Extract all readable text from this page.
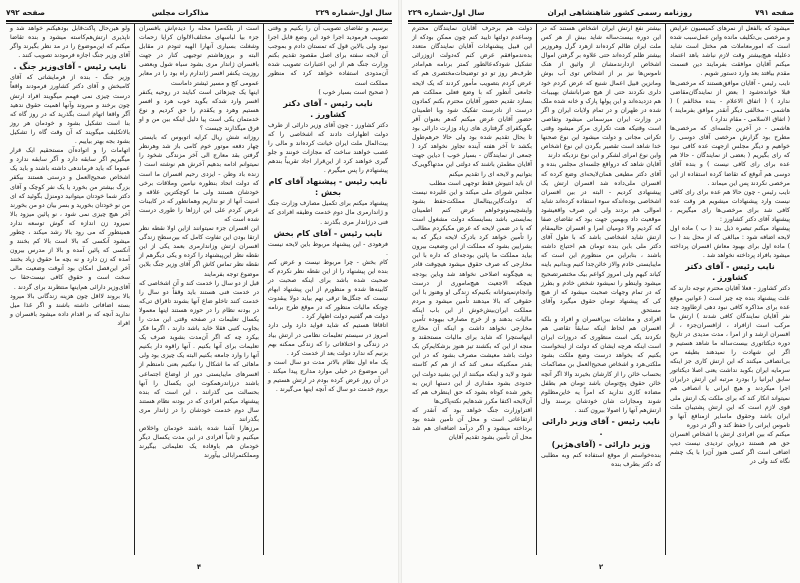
سال اول-شماره ۲۲۹
مذاکرات مجلس
صفحه ۷۹۲

برسیم و تقاضای تصویب آن را بکنیم و وقتی تصویب فرمودید اجرا خود این وضع قابل اجرا نبود ولی بالاین قول که تمستان دادم و بموجب آن لایحه سفته برای اصل مقصود تقدیم بکنم وزارت جنگ هم از این اعتبارات تصویب شده آن‌مدودی استفاده خواهد کرد که منظور مملکت است

( صحیح است بسیار خوب )

نایب رئیس - آقای دکتر کشاورز .

دکتر کشاورز - چون آقای وزیر دارائی از طرف دولت اظهارات دادند که اشخاصی را که بیت‌المال ملت ایران خیانت کرده‌اند و مالی را غصب خواهند ساخت که مجازات خونند و جلو گیری خواهند کرد از این‌قرار اجاد تقریباً بندهم پیشنهادم را پس میگیرم .

نایب رئیس - پیشنهاد آقای کام بخش :

پیشنهاد میکنم برای تکمیل مصارف وزارت جنگ و ژاندارمری مال دوم خدمت وظیفه افرادی که فنی درژاندار مری بگذرند .

نایب رئیس - آقای کام بخش

فرهودی - این پیشنهاد مربوط باین لایحه نیست .

کام بخش - چرا مربوط نیست و عرض کنم بنده این پیشنهاد را از این نقطه نظر نکردم که صحبت شده باشد برای اینکه صحبت در کابینه‌ها شده و منظورم از این پیشنهاد ابهام نیست که جنگل‌ها ترقی نهم بیاید دولا یبقدوت چونکه مالیات منظور که در موقع طرح برنامه دولت هم گفتیم دولت اظهار کرد .

اتاقاقا هستیم که شاید فواید دارد ولی دارد امروز در سیستم تعلیمات نظامی در ارتش بیاد در زندگی و اختلافاتی را که زندگی ممکنه بهم بزنیم که ندارد دولت بعد از خدمت کرد .

یک ماه اول نظام بالاتر مدت دو سال است و این موضوع در خیلی موارد مدارج پیدا میکند . در آن روز عرض کرده بودم در ارتش هستیم و بروم خدمت دو سال که آنچه اینها می‌گیرند .

است از بلکه‌مرا محله را دیدم‌اش بافسران جزء بیا لباسهای مختلف‌الالوان کرایا زحمات وشغلت بسیاری آنها‌را الهیه ثنودم در مقابل البته و بروزهاشتم توجیهی کنار در جهت بافسران ژاندار مری بشود سیاه شول وبعضی روزیت یکنفر افسر ژاندارم راه بود را در معابر عمومی کج و مسیر ئیشتر داماست

اینها یک چیزهائی است کبایند در روحیه یکنفر افسر وارد شدکه بگوید خوب هرد و افسر هستیم وهرد و یکقدم را حق کردیم و نوع خدمتمان یکی است پیا دلیل اینکه بین من و او فرق میگذارند چیست ؟

روزانه شش ریال کرایه اتوبوس که بایستی چهار دفعه موتور خوم کامی باز شد وهرنظر گرفتن بقد معارج الی آخر مزندگی شخود را نمیتوانم ادامه بدهیم آخرش هم نوشته است ( زنده باد وطن - ایزدی رحیم افسران ما است که دولت اتحاد بنظوره نیامین وملاقات برخی خودشان هستند ولی ما کوچکترین علاقه و امنیت آنها از تو نداریم وهمانطور که در کابینات عرض کردم علی این ارزاها را طوری درست شده است که

این افسران جزء نمیتوانند ازاین اولا نقطه نظر ارتقا بودن این تفاوت کامل که بین‌سطح زندگی افسران ارتش وزاندارمری بعمد یکی از این نقطه نظر این‌پیشنهاد را کرده و یکی دیگرهم از نقطه نظر تماس کاش اگر آقای وزیر جنگ بلاین موضوع توجه بفرمایند

قبل از دو سال را خدمت کند و آن اشخاصی که در خدمت فنی هستند باید وقفاً دو سال را خدمت کنند تاخلو ضاع آنها بشوند تاقراق تی‌که در بودنه نظام را در حوزه هستند اینها معمولا یکسال تعلیمات در صفحه وقتی این مدت را بجاوب کتبی فقلا خاید باشد دارند ، اگرما فکر بیکرد چه که اگر آن‌مدت بشوید صرف یک تعلیمات برای آنها بکنیم . آنها راقوه دار بکنیم آنها را وارد جامعه بکنیم البته یک چیزی بود ولی ماهائی که ما اشکال را نبکنیم بعنی نامنظم از افسرهای مایبایستی دور از اوضاع اجتماعی باشند درزاندرهمکوت این یکسال را آنها بحسالت می گذرانند ، این است که بنده پیشنهاد میکنم افرادی که در بودنه نظام هستند سال دوم خدمت خودشان را در ژاندار مری بگذرانند

مرزهارا آشنا شده باشند خودمان واخلاص میکنیم و ثانیاً افرادی در این مدت یکسال دیگر خودمان هم باوفاده یک تعلیماتی بیگیرند ومملکتمرابالی بیآورند

ولو هین‌حال پاکت‌قابل بودهیکنم خواهد شد و ناپذیری ارتش‌هم‌کاسته میشود و بنده تقاضا میکنم که این‌موضوع را در مد نظر بگیرند واگر آقای وزیر جنگ اجازه فرمودند تصویب کنند .

نایب رئیس - آقای‌وزیر جنگ .

وزیر جنگ - بنده از فرمایشاتی که آقای کامبخش و آقای دکتر کشاورز فرمودند واقعاً درست چیزی نمی فهمم میگویند افراد ارتش چون برخند و میروند وآنها اهمیت حقوق ندهید آگر واقعا اتهام است بگذرید که در روز گاه که بنا است تشکیل بشود و خودمان هر روز بالاتکلیف میگویند که آن وقت گاه را تشکیل بشود بجه بهتر بیاییم .

اتهامات را و اتواده‌آن مستحقیم ایک قرار میگیریم اگر سابقه دارد و آگر سابقه ندارد و عموما که باید فرماندهی داشته باشند و باید یک اشخاص صحیح‌العمل و درستی هستند بیکفر بزرگ بیشتر من بخورد یا یک نفر کوچک و آقای دکتر شما خودتان میتوانید دومنزل بگوئید که ای من نو خودتان بخورید و بسر بیان دو من بخورند آخر هیچ چیزی نمی شود ، نو پائین میزود بالا نمیرود زن اندازه‌‌ که گوش توسعه ندارد همینطور که می رود بالا رشد میکند ، چطور میشود آنکسی که بالا است بالا کم بخنند و آنکسی که پائین آمده و بالا از مدرس بیرون آمده که زن دارد و نه بچه ما حقوق زیاد بخنند آخر این‌فصل امکان بود آنوقت وضعیت مالی سخت است و حقوق کافی نیست‌حقا ب آقای‌وزیر دارائی هم‌اینها منتظرند برای گردند .

بالا بروند لااقل چون هزینه زندگانی بالا میرود بسته اضافاتی داشته باشند و اگر غذا میل ندارید آنچه که بر اقدام داده میشود بافسران و افراد

۴
صفحه ۷۹۱
روزنامه رسمی کشور شاهنشاهی ایران
سال اول-شماره ۲۲۹

میشود که بالفعل از نمرهای کمیسیون عرایض و مرخصی بی‌تکلیف مانده واین عمل‌سبب شده است که امورمعاملات هم مختل است شاید دعلیله هیچ‌بیشتر وقت لازم نباشد باهد اعتماد میکنم آقایان موافقت بفرمایند دین قسمت مقدم بیافتد بعد وارد دستور شویم .

نایب رئیس - آقایان موافق‌هستند که مرخصی‌ها قبلا خوانده‌شود ( بعض از نمایندگان‌مقاضی ندارد ) ( اتفاق الاعلام - بنده مخالفم ) ( هاشمی - مخالفی دیگر آنقدر موافق بفرمایند ) ( اتفاق الاسلامی - مقام ندارد )

هاشمی - در آخرین جلسه‌ای که مرخصی‌ها مطرح بود گزارش مرخصی آقای دوسی را خواهیم و دیگر مجلس ازجهت عده‌ کافی نبود که رای بگیریم ( بعضی از نمایندگان - حالا هم عده برای رای کافی نیست ) و بنده آقای دوسی هم آنوقع که تقاضا کرده استفاده از این مرخصی نکردند پس این میماند .

نایب رئیس - چون حالا هم عده برای رای کافی نیست وارد پیشنهادات میشویم هر وقت عده کافی شد برای مرخصی‌ها رای میگیریم ، پیشنهاد آقای دکتر کشاورز :

پیشنهاد میکنم تبصره ذیل بند ( ب ) ماده اول لایحه اضافه شود : مبالغی که از محل بند ( ب ) ماده اول برای بهبود معاش افسران پرداخته میشود بافراد پرداخته نخواهد شد .

نایب رئیس - آقای دکتر کشاورز .

دکتر کشاورز - فعلا آقایان محترم توجه دارند که علت پیشنهاد بنده چه چیز است ( غوانین موقع عده برای مذاکره کافی نبود دهی ازطاوود چند نفر آقایان نمایندگان کافی شدند ) ارتش ما مرکب است ازافراد ، ازافسران‌جزء ، از افسران ارشد و از امرا ، مدت مدیدی در تاریخ دوره دیکتاتوری بیست‌ساله ما شاهد هستیم و اگر این شهادت را نمیدهند بطیفه من بی‌انصافی میکنند که این ارتش کاری جز اینکه سرمایه ایران بکوبد نداشت یعنی اصلا دیکتاتور سابق ایرانیا را بودرد مرتبه این ارتش درایران اجرا میکردند و هیچ ایرانی یا انصافی هم نمیتواند انکار کند که برای ملکت یک ارتش ملی قوی لازم است که این ارتش پشتیبان ملت ایران باشد وحقوق ماسایر ازمنافع آنها و تاموس ایرانی را حفظ کند و اگر در دوره

میکنم که بین افرادی ارتش یا اشخاص افسران حق هم هستند درواین تردیدی نیست دیپ اضافی است اگر کسی هنوز آن‌را با یک چشم نگاه کند ولی در

بیشتر نفع ارتش ایران اشخاص هستند که در این دوره بیست‌ساله شاید بیش از هر کس ملت ایران ظالم کرده‌اند ازهرد گرل وهروزیر بیشتر ظلم کرده‌اند حتی علاوه بر گرفتن اموال اشخاص ازدارندمشان از واثیق از هنک ناموس‌ها نیز بر از اشخاص توی آب بوش ومانزین قبیل اعمال شنیع که عرض کردم خود دلری نکردند حتی از هیچ صرابانشان بهبیبات هم دزدیده‌اند و این پولها پارک و خانه شده ملک شده در طهران و در تمام ولایات ایران و اگر در وزارت ایران میرسمانی میشود وتفاصی است وقتیکه هنت تکراری مرکز میشود وقتی تکرانی مجانی و دولت میشود این نوع صحنها خدا شاهد است تقصیر بگردن این نوع اشخاص واین نوع امرای لشکر و این نوع نزدیکه دارند

آقایان شاهد که درواقع جلسه‌ای مجلس بنده و آقای دکتر مطیعی همان‌لایحه‌ای وضع کرده که افسران ملی‌داده شد افسران ارتش یک پیشنهادی کردیم - البته در بین افسران اشخاصی بوده‌اندکه سوء استفاده کرده‌اند شاید اموالی هم بردند ولی این صرف واقعیشود موقعیت داد وبهمین جهت بود که تقاضای صفا که کردیم والا دومیان امرا و افسران حالیمقام ارتش شاید اشخاصی باشد که با طول آقای دکتر ملی باین بنده تومان هم احتیاج داشته باشند ، بنابراین من منظورم این است که مایبایستی خادم والاز خائن‌جدا کنیم وبدانیم باینه کیاند کیهم ولی امروز کواعم بیک مختصرتصحیح میشود واینطو را نمیشود شخص خادم و بطرز که در تمام وجهات صحبت میشود که از هیچ کی که پیشنهاد تومان حقوق میگیرد وآقای مستحق

افرادی و معاشات بین‌افسران و افراد و بلکه افسران هم لحاظ اینکه سابقاً تقاضی هم نکردند یکی است منظوری که دروزات ایران است اینکه هرچه ایشان که دولت از اینخواست بکنیم که بخواهد درست وضع ملکت بشود ملکتی‌هرد و اشخاص صحیح‌العمل بن مصاکمات بحساب خائن را از کارشان بخیرند والا اگر آنچه خائن حقوق پنج‌تومان باشد تومان هم بطفل مضاده کاری ندارید که امراً یه خاین‌مظلوم شوند ومجازات شان خودشان برسند وال ارتش‌هم آنها را اصولا بیرون کنند .

نایب رئیس - آقای وزیر دارائی .
وزیر دارائی - (آقای‌هژیر)

بنده‌خواستم از موقع استفاده کنم وبه مطلبی که دکتر بطرف بنده

دولت هم برحرف آقایان نمایندگان محترم وساعدم دولتها تایید کنم چون ممکن بودکه از این قبیل پیشنهادات آقایان نمایندگان متعدد بده‌ندموافقم عرض کنم که‌دولت ازوزرائی تشکیل شودکه‌عالطور کمتر برنامه هم‌امادر طرف‌هر روز تو دو توضیحات‌مختصری هم که عرض کردم بتصویب مأمور کردند که یک لایحه جامعی آنطور که با وضع فعلی مملکت هم بسازد تقدیم حضور آقایان محترم بکنم کمادون درست از نادرست تفکیک شود وبا اطمینان حضور آقایان عرض میکنم که‌هر بعنوان آقر بگویکفرای گرفتاری های زیاد وزارت دارائی بود تا بحال تقدیم شده بود ولی حالا حرهم‌طول بکشد تا آخر هفته آینده تجاوز نخواهد کرد ( جمعی از نمایندگان - بسیار خوب ) دیاین جهت آقایان مطمئن باشند که دولتی این مدتها‌گویی‌ک بتوانیم و لایحه ای را تقدیم میکنم

ان باید انتیوش فقط توجهی است مطلب

مجلس شورای ملی میکند و این علیرده نیست که دولت‌گاین‌بیتالمال مملکت‌حفظ بشود وایشچیمنونوخواهم عرض کنم اطمینان بمایستی باشد بسایستکه دولت مشغول است که با در ضمن لایحه که عرض مکیکردم مطالب را تأمین خواهد کرد بادرک لایحه دیگر که به بشرایین بشود که مملکت از این وضعیت بیرون بیاید مملکت ما پائین بودجه‌ای که داره با این مخارجی که صرف حقوق میشود هیچوقت قادر به هیچگونه اصلاحی نخواهد شد وباین بودجه هیچکه الاجعیت هیچ‌ماموری از درست وانجام‌نمیتوانانه بکنیم‌که زندگی او وهنوز با این حقوقی که بالا میدهند تأمین میشود و مردم مملکت ایران‌بیش‌خوش از این باب اینکه مالیات بدهند و از خرج مصارف بیهوده تأمین مخارجی نخواهد داشت و اینکه آن مخارج اینهاستچرا که شاید برای مالیات مستحقند و منجه از این که بکشند تیز هنوز بزشکایم‌کن بک دولت باشد معیشت مصرف بشود که در این بقدر ممکنیکه سعی کند که از هم کم کاسته شود و لاید و اینکه میکنند از این بشید دولت این حدودی بشود مقداری از این دستها ازین به بخور شده کوتاه بشود که حق اینطرف هم که آن‌لایحه اکتفا مکرر شدهایم نکته‌پاکی‌ها

اقتراوزارت جنگ خواهد بود که آنقدر که ارتفاعاتی است و محل آن تأمین شده بود برداخته میشود و اگر درآمد اضافه‌ای هم شد محل آن تأمین بشود تقدیم آقایان

۲
